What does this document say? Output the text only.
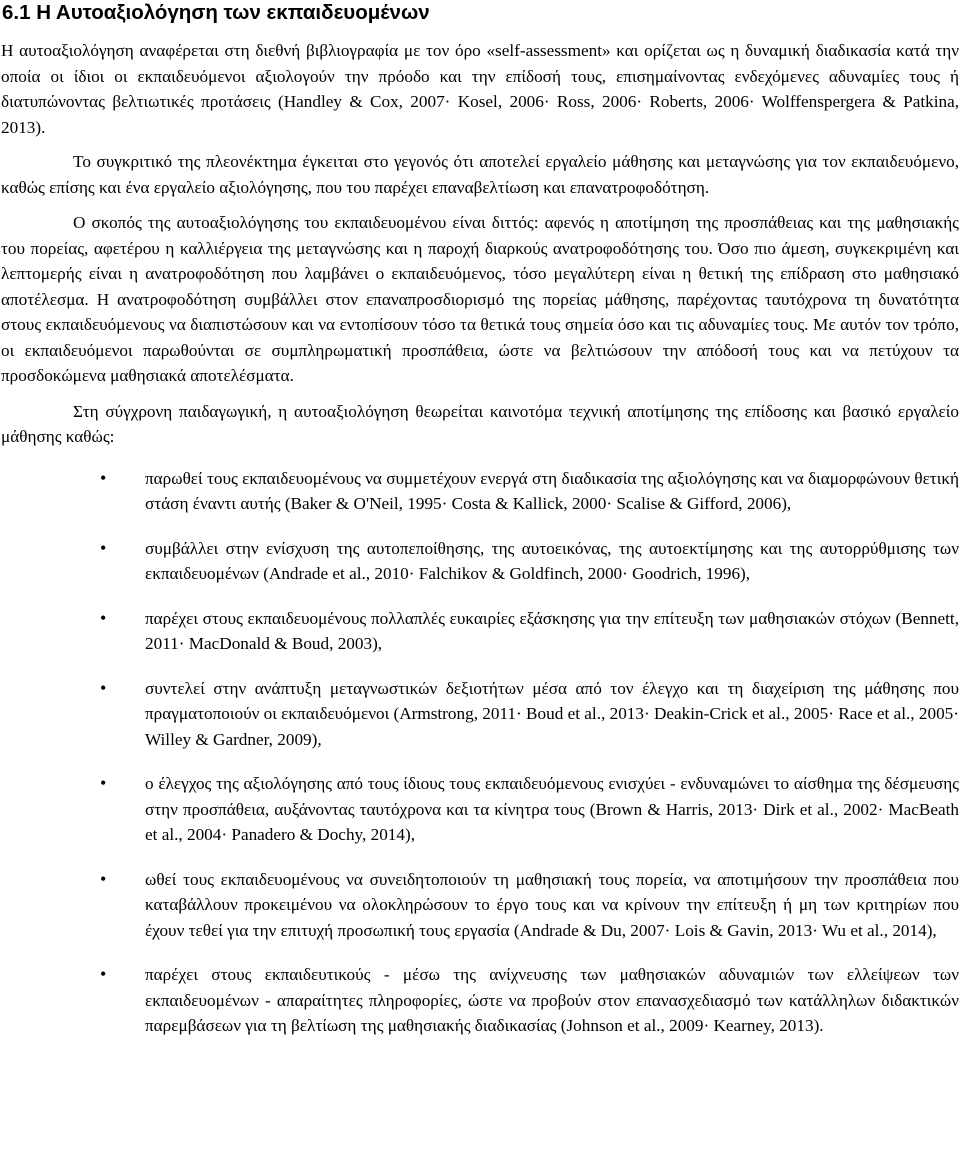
6.1 Η Αυτοαξιολόγηση των εκπαιδευομένων

Η αυτοαξιολόγηση αναφέρεται στη διεθνή βιβλιογραφία με τον όρο «self-assessment» και ορίζεται ως η δυναμική διαδικασία κατά την οποία οι ίδιοι οι εκπαιδευόμενοι αξιολογούν την πρόοδο και την επίδοσή τους, επισημαίνοντας ενδεχόμενες αδυναμίες τους ή διατυπώνοντας βελτιωτικές προτάσεις (Handley & Cox, 2007· Kosel, 2006· Ross, 2006· Roberts, 2006· Wolffenspergera & Patkina, 2013).

Το συγκριτικό της πλεονέκτημα έγκειται στο γεγονός ότι αποτελεί εργαλείο μάθησης και μεταγνώσης για τον εκπαιδευόμενο, καθώς επίσης και ένα εργαλείο αξιολόγησης, που του παρέχει επαναβελτίωση και επανατροφοδότηση.

Ο σκοπός της αυτοαξιολόγησης του εκπαιδευομένου είναι διττός: αφενός η αποτίμηση της προσπάθειας και της μαθησιακής του πορείας, αφετέρου η καλλιέργεια της μεταγνώσης και η παροχή διαρκούς ανατροφοδότησης του. Όσο πιο άμεση, συγκεκριμένη και λεπτομερής είναι η ανατροφοδότηση που λαμβάνει ο εκπαιδευόμενος, τόσο μεγαλύτερη είναι η θετική της επίδραση στο μαθησιακό αποτέλεσμα. Η ανατροφοδότηση συμβάλλει στον επαναπροσδιορισμό της πορείας μάθησης, παρέχοντας ταυτόχρονα τη δυνατότητα στους εκπαιδευόμενους να διαπιστώσουν και να εντοπίσουν τόσο τα θετικά τους σημεία όσο και τις αδυναμίες τους. Με αυτόν τον τρόπο, οι εκπαιδευόμενοι παρωθούνται σε συμπληρωματική προσπάθεια, ώστε να βελτιώσουν την απόδοσή τους και να πετύχουν τα προσδοκώμενα μαθησιακά αποτελέσματα.

Στη σύγχρονη παιδαγωγική, η αυτοαξιολόγηση θεωρείται καινοτόμα τεχνική αποτίμησης της επίδοσης και βασικό εργαλείο μάθησης καθώς:

•	παρωθεί τους εκπαιδευομένους να συμμετέχουν ενεργά στη διαδικασία της αξιολόγησης και να διαμορφώνουν θετική στάση έναντι αυτής (Baker & O'Neil, 1995· Costa & Kallick, 2000· Scalise & Gifford, 2006),
•	συμβάλλει στην ενίσχυση της αυτοπεποίθησης, της αυτοεικόνας, της αυτοεκτίμησης και της αυτορρύθμισης των εκπαιδευομένων (Andrade et al., 2010· Falchikov & Goldfinch, 2000· Goodrich, 1996),
•	παρέχει στους εκπαιδευομένους πολλαπλές ευκαιρίες εξάσκησης για την επίτευξη των μαθησιακών στόχων (Bennett, 2011· MacDonald & Boud, 2003),
•	συντελεί στην ανάπτυξη μεταγνωστικών δεξιοτήτων μέσα από τον έλεγχο και τη διαχείριση της μάθησης που πραγματοποιούν οι εκπαιδευόμενοι (Armstrong, 2011· Boud et al., 2013· Deakin-Crick et al., 2005· Race et al., 2005· Willey & Gardner, 2009),
•	ο έλεγχος της αξιολόγησης από τους ίδιους τους εκπαιδευόμενους ενισχύει - ενδυναμώνει το αίσθημα της δέσμευσης στην προσπάθεια, αυξάνοντας ταυτόχρονα και τα κίνητρα τους (Brown & Harris, 2013· Dirk et al., 2002· MacBeath et al., 2004· Panadero & Dochy, 2014),
•	ωθεί τους εκπαιδευομένους να συνειδητοποιούν τη μαθησιακή τους πορεία, να αποτιμήσουν την προσπάθεια που καταβάλλουν προκειμένου να ολοκληρώσουν το έργο τους και να κρίνουν την επίτευξη ή μη των κριτηρίων που έχουν τεθεί για την επιτυχή προσωπική τους εργασία (Andrade & Du, 2007· Lois & Gavin, 2013· Wu et al., 2014),
•	παρέχει στους εκπαιδευτικούς - μέσω της ανίχνευσης των μαθησιακών αδυναμιών των ελλείψεων των εκπαιδευομένων - απαραίτητες πληροφορίες, ώστε να προβούν στον επανασχεδιασμό των κατάλληλων διδακτικών παρεμβάσεων για τη βελτίωση της μαθησιακής διαδικασίας (Johnson et al., 2009· Kearney, 2013).
